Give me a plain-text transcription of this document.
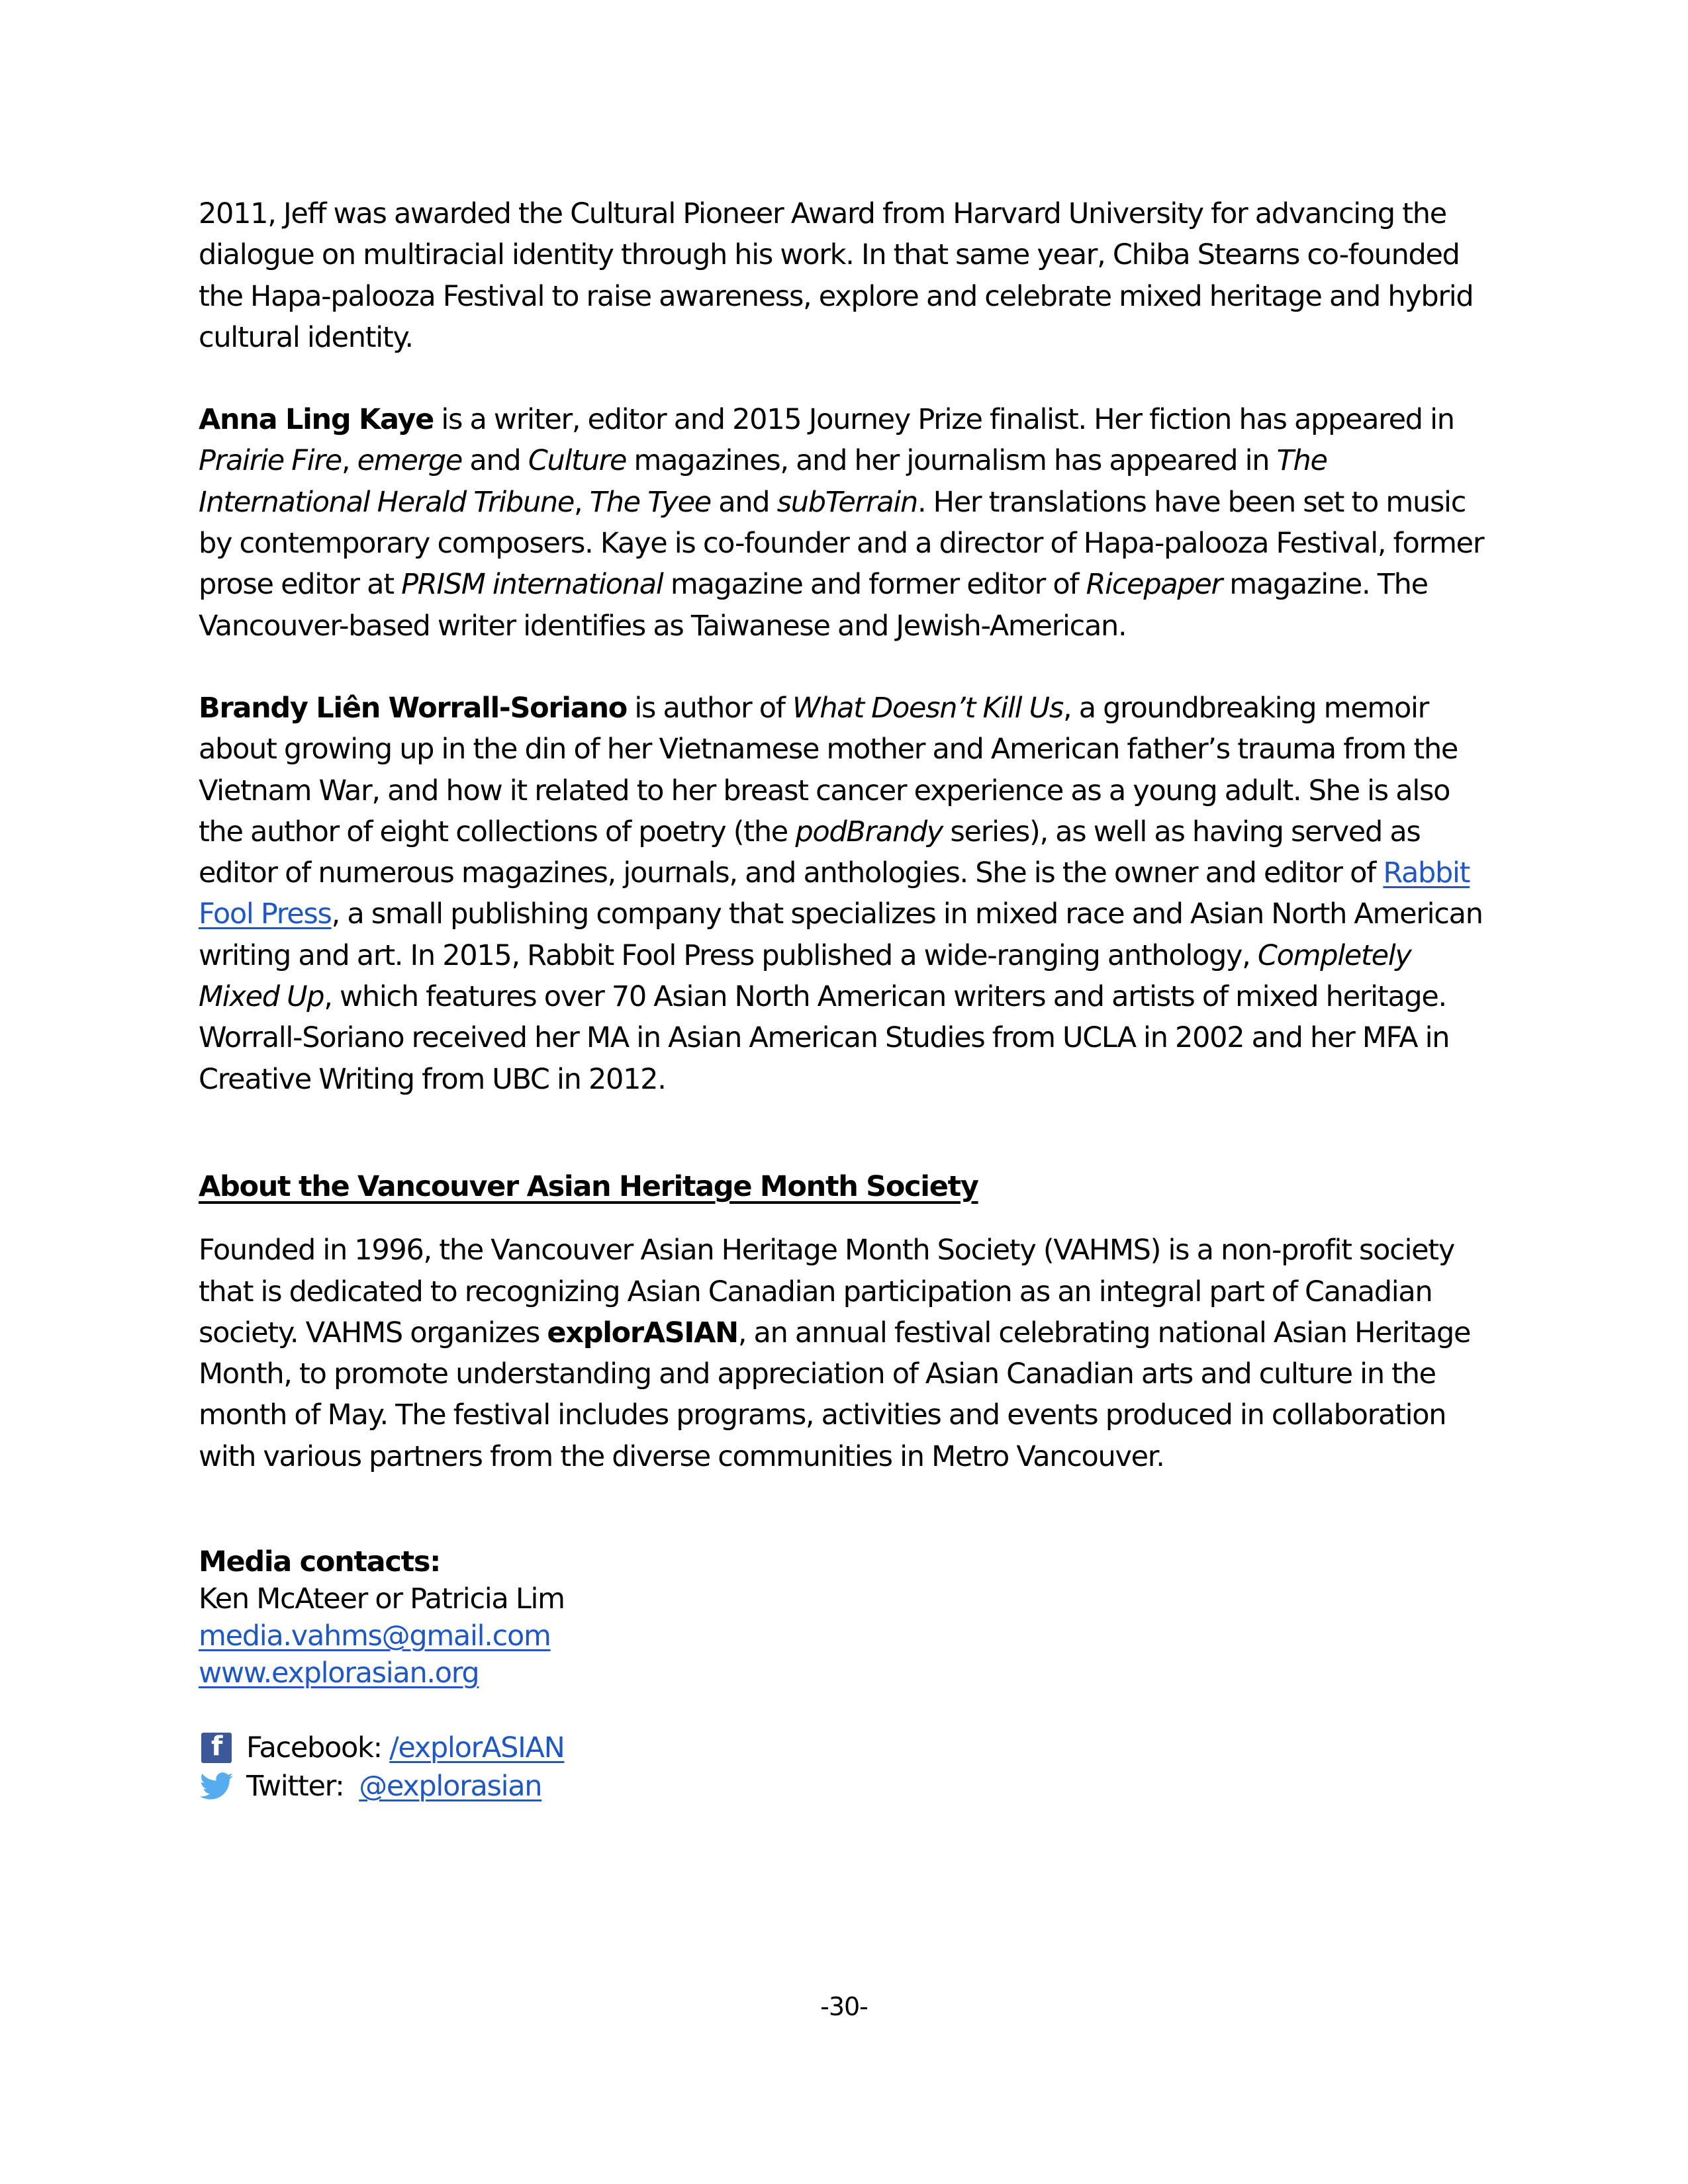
2011, Jeff was awarded the Cultural Pioneer Award from Harvard University for advancing the dialogue on multiracial identity through his work. In that same year, Chiba Stearns co-founded the Hapa-palooza Festival to raise awareness, explore and celebrate mixed heritage and hybrid cultural identity.

Anna Ling Kaye is a writer, editor and 2015 Journey Prize finalist. Her fiction has appeared in Prairie Fire, emerge and Culture magazines, and her journalism has appeared in The International Herald Tribune, The Tyee and subTerrain. Her translations have been set to music by contemporary composers. Kaye is co-founder and a director of Hapa-palooza Festival, former prose editor at PRISM international magazine and former editor of Ricepaper magazine. The Vancouver-based writer identifies as Taiwanese and Jewish-American.

Brandy Liên Worrall-Soriano is author of What Doesn’t Kill Us, a groundbreaking memoir about growing up in the din of her Vietnamese mother and American father’s trauma from the Vietnam War, and how it related to her breast cancer experience as a young adult. She is also the author of eight collections of poetry (the podBrandy series), as well as having served as editor of numerous magazines, journals, and anthologies. She is the owner and editor of Rabbit Fool Press, a small publishing company that specializes in mixed race and Asian North American writing and art. In 2015, Rabbit Fool Press published a wide-ranging anthology, Completely Mixed Up, which features over 70 Asian North American writers and artists of mixed heritage. Worrall-Soriano received her MA in Asian American Studies from UCLA in 2002 and her MFA in Creative Writing from UBC in 2012.

About the Vancouver Asian Heritage Month Society

Founded in 1996, the Vancouver Asian Heritage Month Society (VAHMS) is a non-profit society that is dedicated to recognizing Asian Canadian participation as an integral part of Canadian society. VAHMS organizes explorASIAN, an annual festival celebrating national Asian Heritage Month, to promote understanding and appreciation of Asian Canadian arts and culture in the month of May. The festival includes programs, activities and events produced in collaboration with various partners from the diverse communities in Metro Vancouver.

Media contacts:
Ken McAteer or Patricia Lim
media.vahms@gmail.com
www.explorasian.org
f Facebook: /explorASIAN
Twitter: @explorasian
-30-
